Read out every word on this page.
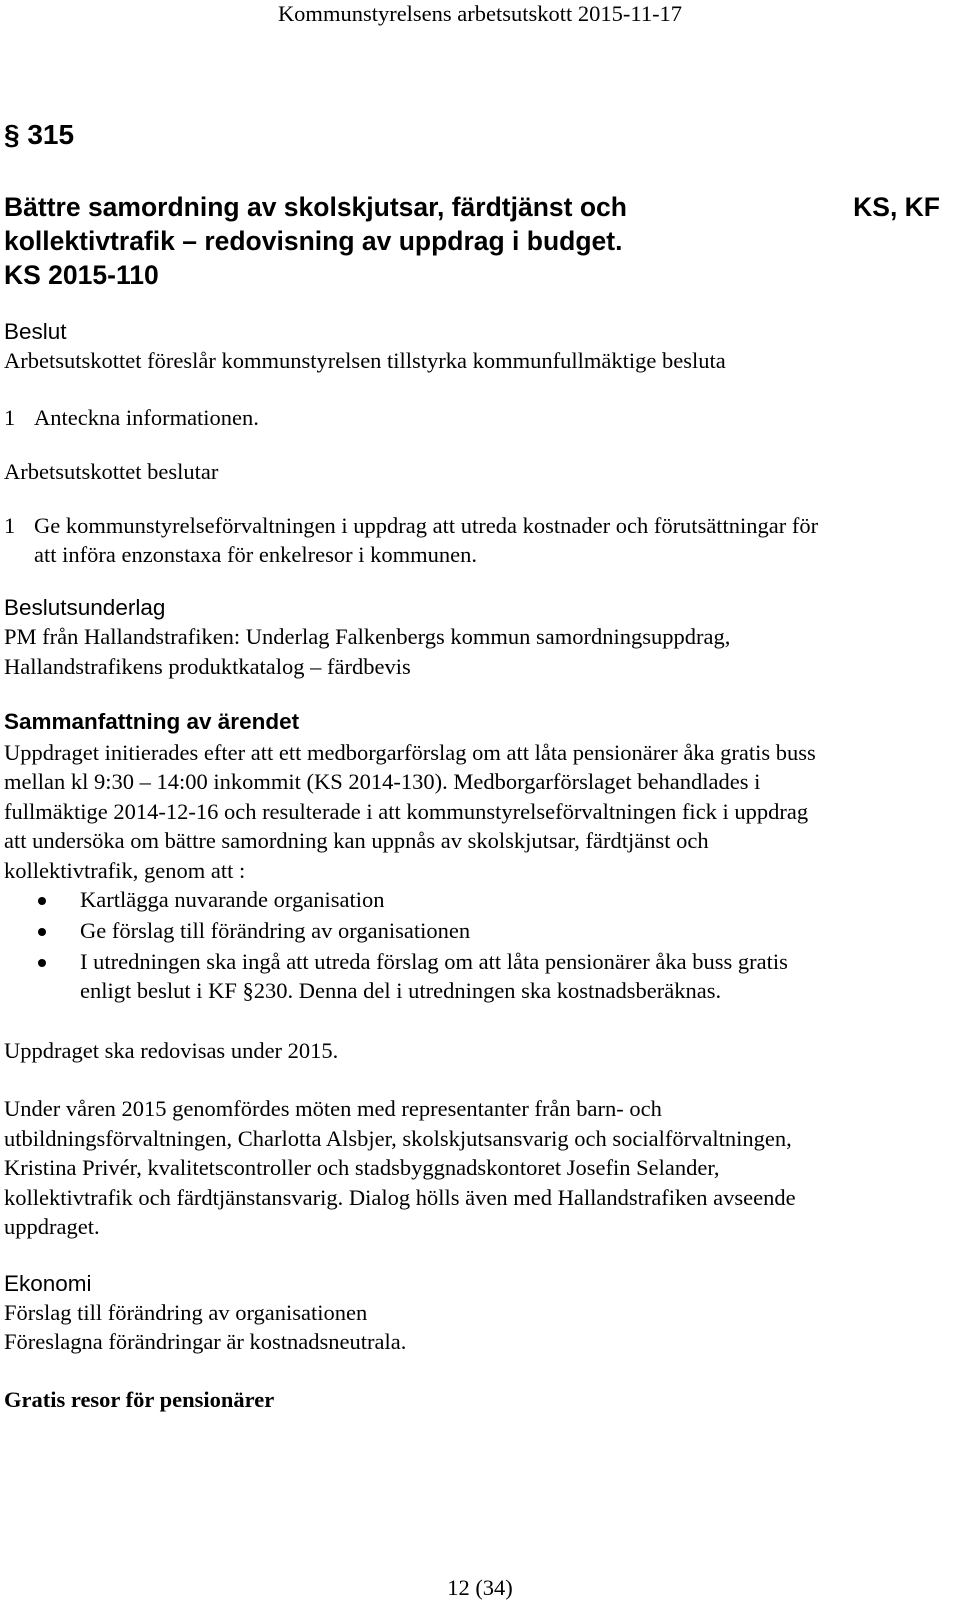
Kommunstyrelsens arbetsutskott 2015-11-17
§ 315
Bättre samordning av skolskjutsar, färdtjänst och
kollektivtrafik – redovisning av uppdrag i budget.
KS 2015-110
KS, KF
Beslut
Arbetsutskottet föreslår kommunstyrelsen tillstyrka kommunfullmäktige besluta
1 Anteckna informationen.
Arbetsutskottet beslutar
1 Ge kommunstyrelseförvaltningen i uppdrag att utreda kostnader och förutsättningar för
att införa enzonstaxa för enkelresor i kommunen.
Beslutsunderlag
PM från Hallandstrafiken: Underlag Falkenbergs kommun samordningsuppdrag,
Hallandstrafikens produktkatalog – färdbevis
Sammanfattning av ärendet
Uppdraget initierades efter att ett medborgarförslag om att låta pensionärer åka gratis buss
mellan kl 9:30 – 14:00 inkommit (KS 2014-130). Medborgarförslaget behandlades i
fullmäktige 2014-12-16 och resulterade i att kommunstyrelseförvaltningen fick i uppdrag
att undersöka om bättre samordning kan uppnås av skolskjutsar, färdtjänst och
kollektivtrafik, genom att :
Kartlägga nuvarande organisation
Ge förslag till förändring av organisationen
I utredningen ska ingå att utreda förslag om att låta pensionärer åka buss gratis
enligt beslut i KF §230. Denna del i utredningen ska kostnadsberäknas.
Uppdraget ska redovisas under 2015.
Under våren 2015 genomfördes möten med representanter från barn- och
utbildningsförvaltningen, Charlotta Alsbjer, skolskjutsansvarig och socialförvaltningen,
Kristina Privér, kvalitetscontroller och stadsbyggnadskontoret Josefin Selander,
kollektivtrafik och färdtjänstansvarig. Dialog hölls även med Hallandstrafiken avseende
uppdraget.
Ekonomi
Förslag till förändring av organisationen
Föreslagna förändringar är kostnadsneutrala.
Gratis resor för pensionärer
12 (34)
